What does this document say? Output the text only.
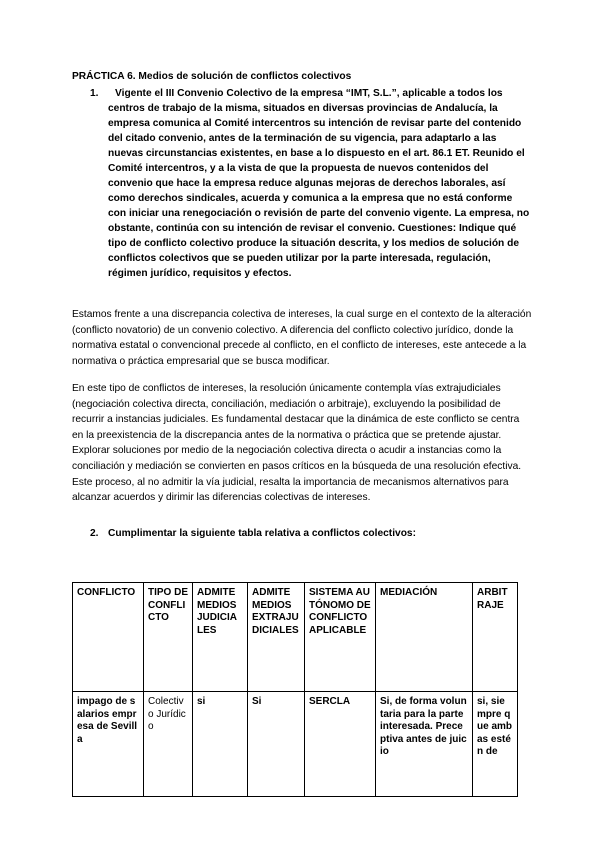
PRÁCTICA 6. Medios de solución de conflictos colectivos
1.	Vigente el III Convenio Colectivo de la empresa “IMT, S.L.”, aplicable a todos los centros de trabajo de la misma, situados en diversas provincias de Andalucía, la empresa comunica al Comité intercentros su intención de revisar parte del contenido del citado convenio, antes de la terminación de su vigencia, para adaptarlo a las nuevas circunstancias existentes, en base a lo dispuesto en el art. 86.1 ET. Reunido el Comité intercentros, y a la vista de que la propuesta de nuevos contenidos del convenio que hace la empresa reduce algunas mejoras de derechos laborales, así como derechos sindicales, acuerda y comunica a la empresa que no está conforme con iniciar una renegociación o revisión de parte del convenio vigente. La empresa, no obstante, continúa con su intención de revisar el convenio. Cuestiones: Indique qué tipo de conflicto colectivo produce la situación descrita, y los medios de solución de conflictos colectivos que se pueden utilizar por la parte interesada, regulación, régimen jurídico, requisitos y efectos.
Estamos frente a una discrepancia colectiva de intereses, la cual surge en el contexto de la alteración (conflicto novatorio) de un convenio colectivo. A diferencia del conflicto colectivo jurídico, donde la normativa estatal o convencional precede al conflicto, en el conflicto de intereses, este antecede a la normativa o práctica empresarial que se busca modificar.
En este tipo de conflictos de intereses, la resolución únicamente contempla vías extrajudiciales (negociación colectiva directa, conciliación, mediación o arbitraje), excluyendo la posibilidad de recurrir a instancias judiciales. Es fundamental destacar que la dinámica de este conflicto se centra en la preexistencia de la discrepancia antes de la normativa o práctica que se pretende ajustar. Explorar soluciones por medio de la negociación colectiva directa o acudir a instancias como la conciliación y mediación se convierten en pasos críticos en la búsqueda de una resolución efectiva. Este proceso, al no admitir la vía judicial, resalta la importancia de mecanismos alternativos para alcanzar acuerdos y dirimir las diferencias colectivas de intereses.
2. Cumplimentar la siguiente tabla relativa a conflictos colectivos:
CONFLICTO	TIPO DE CONFLICTO	ADMITE MEDIOS JUDICIALES	ADMITE MEDIOS EXTRAJUDICIALES	SISTEMA AUTÓNOMO DE CONFLICTO APLICABLE	MEDIACIÓN	ARBITRAJE
impago de salarios empresa de Sevilla	Colectivo Jurídico	si	Si	SERCLA	Si, de forma voluntaria para la parte interesada. Preceptiva antes de juicio	si, siempre que ambas estén de
